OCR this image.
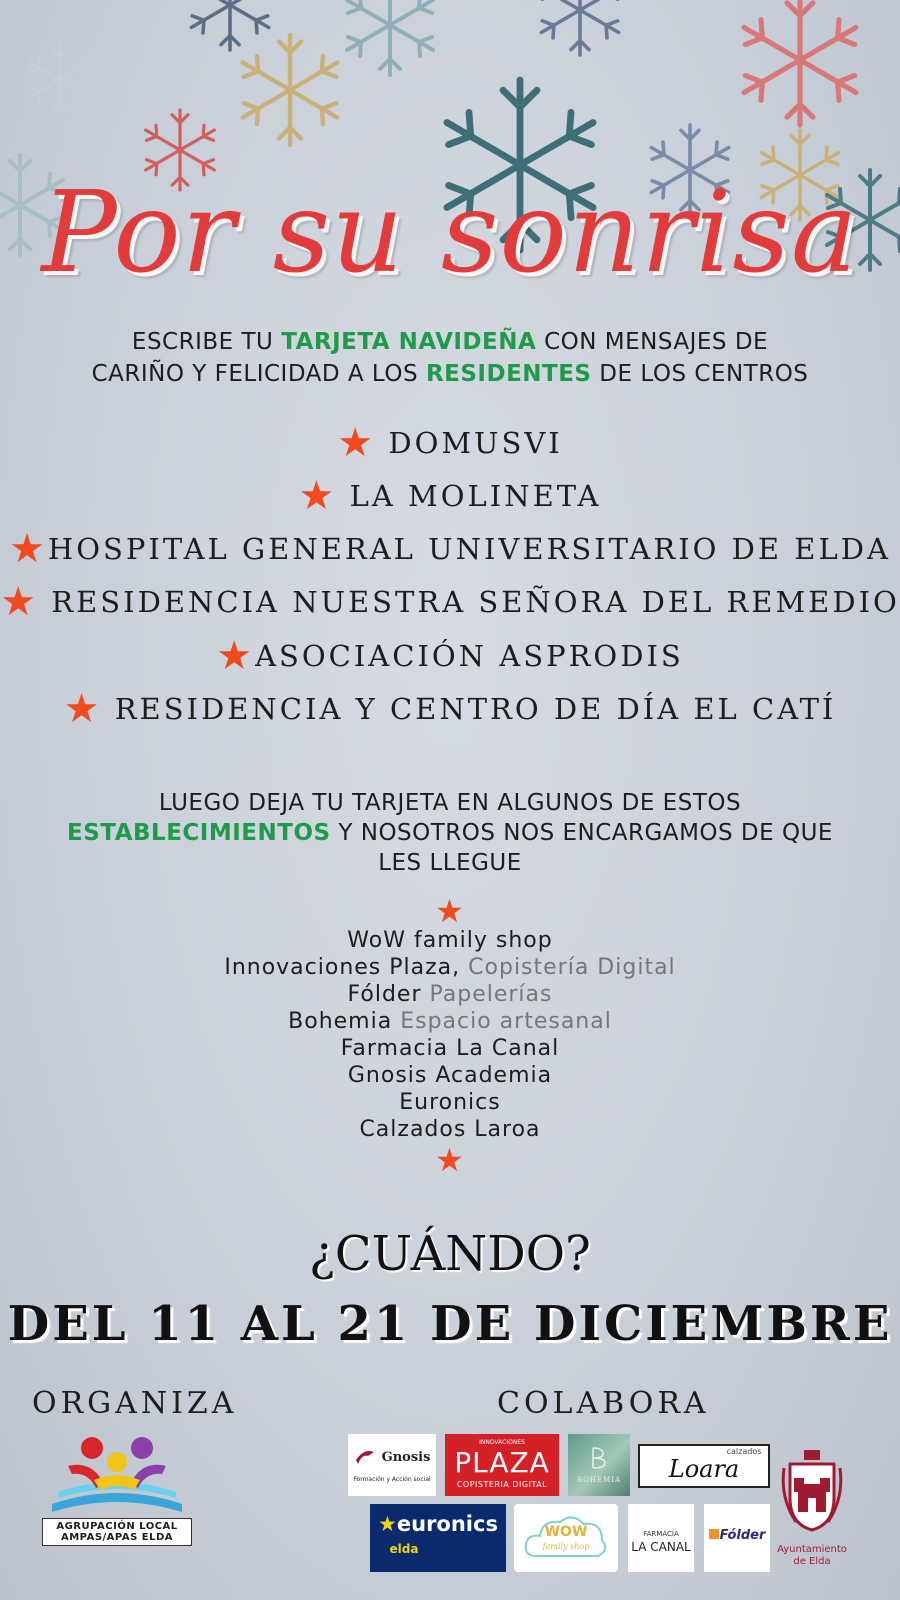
Por su sonrisa
ESCRIBE TU TARJETA NAVIDEÑA CON MENSAJES DE
CARIÑO Y FELICIDAD A LOS RESIDENTES DE LOS CENTROS
★ DOMUSVI
★ LA MOLINETA
★HOSPITAL GENERAL UNIVERSITARIO DE ELDA
★ RESIDENCIA NUESTRA SEÑORA DEL REMEDIO
★ASOCIACIÓN ASPRODIS
★ RESIDENCIA Y CENTRO DE DÍA EL CATÍ
LUEGO DEJA TU TARJETA EN ALGUNOS DE ESTOS
ESTABLECIMIENTOS Y NOSOTROS NOS ENCARGAMOS DE QUE
LES LLEGUE
★
WoW family shop
Innovaciones Plaza, Copistería Digital
Fólder Papelerías
Bohemia Espacio artesanal
Farmacia La Canal
Gnosis Academia
Euronics
Calzados Laroa
★
¿CUÁNDO?
DEL 11 AL 21 DE DICIEMBRE
ORGANIZA	COLABORA
AGRUPACIÓN LOCAL
AMPAS/APAS ELDA
Gnosis
Formación y Acción social
INNOVACIONES
PLAZA
COPISTERIA DIGITAL	BOHEMIA
calzados
Loara
★euronics
elda
WOW
family shop
FARMACIA
LA CANAL
Fólder
Ayuntamiento
de Elda
